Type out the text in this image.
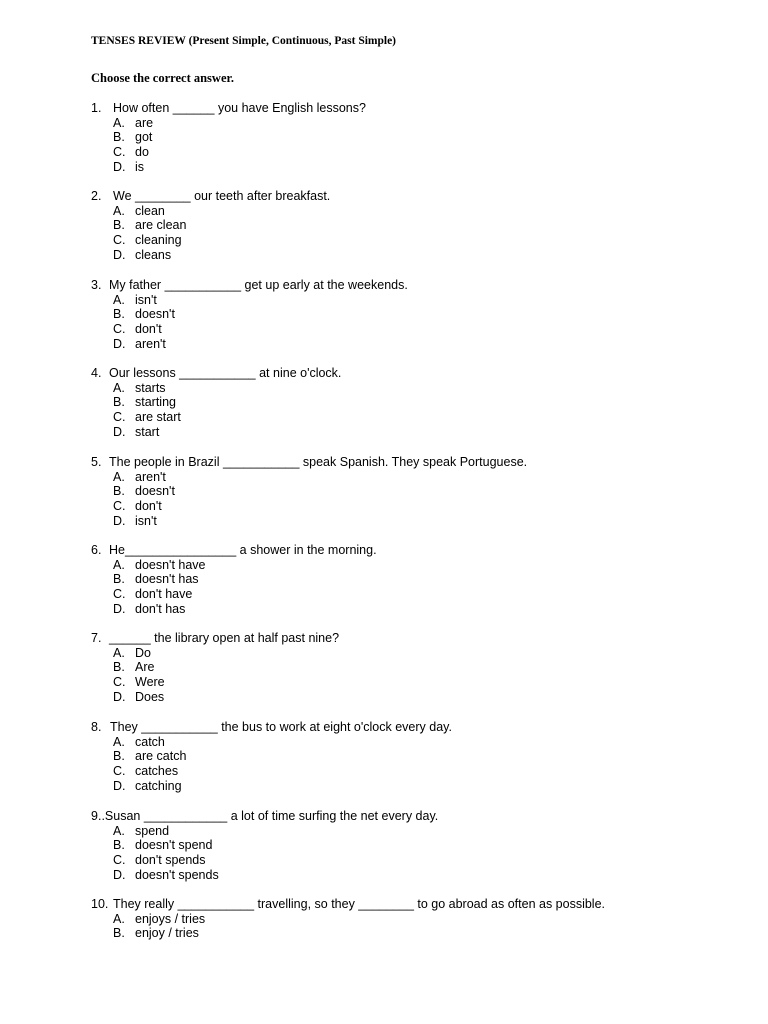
TENSES REVIEW (Present Simple, Continuous, Past Simple)
Choose the correct answer.
1. How often ______ you have English lessons?
A. are
B. got
C. do
D. is
2. We ________ our teeth after breakfast.
A. clean
B. are clean
C. cleaning
D. cleans
3. My father ___________ get up early at the weekends.
A. isn't
B. doesn't
C. don't
D. aren't
4. Our lessons ___________ at nine o'clock.
A. starts
B. starting
C. are start
D. start
5. The people in Brazil ___________ speak Spanish. They speak Portuguese.
A. aren't
B. doesn't
C. don't
D. isn't
6. He________________ a shower in the morning.
A. doesn't have
B. doesn't has
C. don't have
D. don't has
7. ______ the library open at half past nine?
A. Do
B. Are
C. Were
D. Does
8. They ___________ the bus to work at eight o'clock every day.
A. catch
B. are catch
C. catches
D. catching
9..Susan ____________ a lot of time surfing the net every day.
A. spend
B. doesn't spend
C. don't spends
D. doesn't spends
10. They really ___________ travelling, so they ________ to go abroad as often as possible.
A. enjoys / tries
B. enjoy / tries
